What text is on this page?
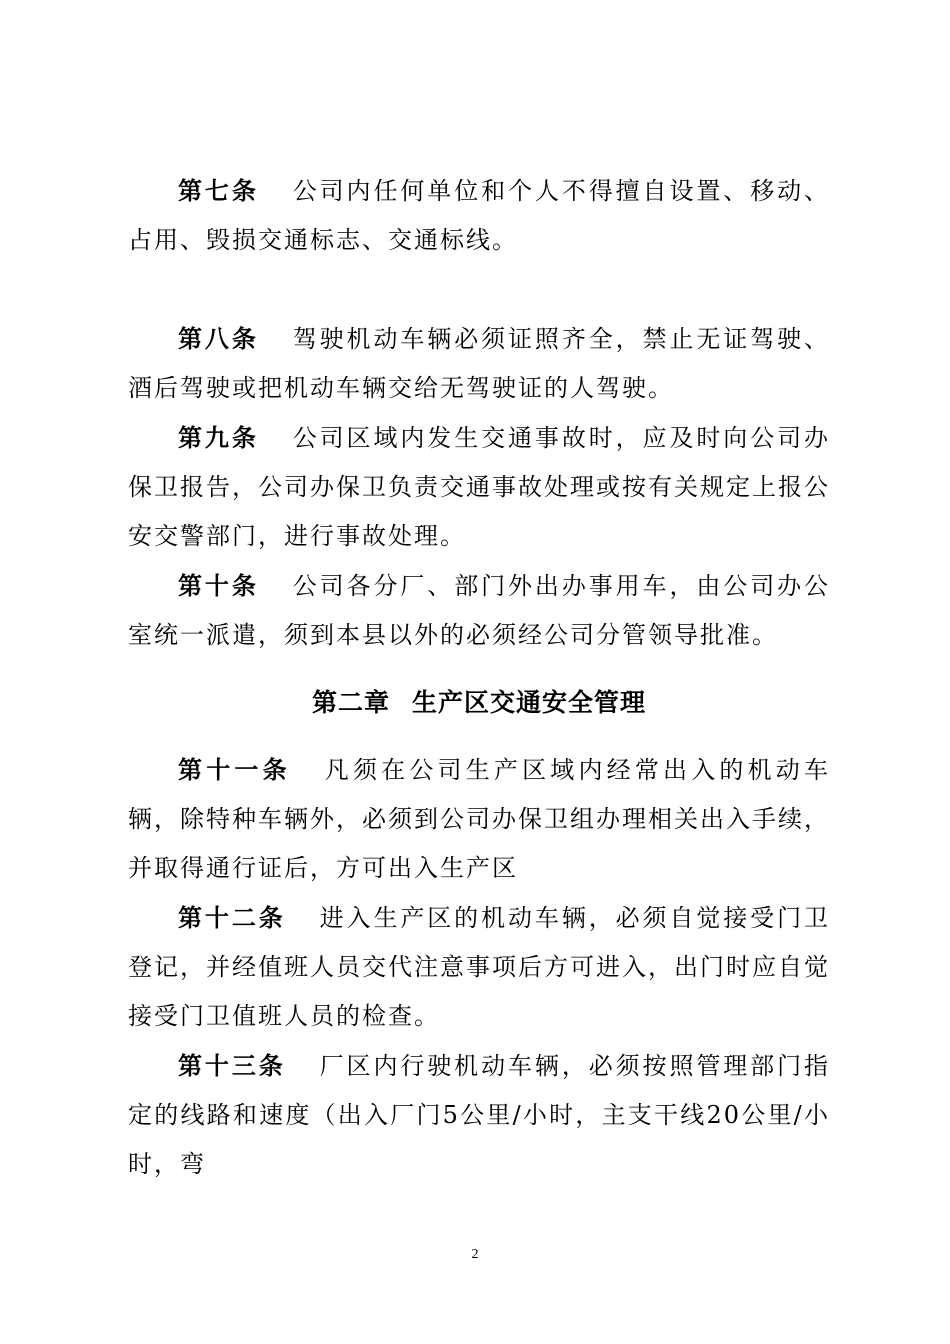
第七条 公司内任何单位和个人不得擅自设置、移动、占用、毁损交通标志、交通标线。

第八条 驾驶机动车辆必须证照齐全，禁止无证驾驶、酒后驾驶或把机动车辆交给无驾驶证的人驾驶。

第九条 公司区域内发生交通事故时，应及时向公司办保卫报告，公司办保卫负责交通事故处理或按有关规定上报公安交警部门，进行事故处理。

第十条 公司各分厂、部门外出办事用车，由公司办公室统一派遣，须到本县以外的必须经公司分管领导批准。

第二章 生产区交通安全管理

第十一条 凡须在公司生产区域内经常出入的机动车辆，除特种车辆外，必须到公司办保卫组办理相关出入手续，并取得通行证后，方可出入生产区

第十二条 进入生产区的机动车辆，必须自觉接受门卫登记，并经值班人员交代注意事项后方可进入，出门时应自觉接受门卫值班人员的检查。

第十三条 厂区内行驶机动车辆，必须按照管理部门指定的线路和速度（出入厂门5公里/小时，主支干线20公里/小时，弯

2
